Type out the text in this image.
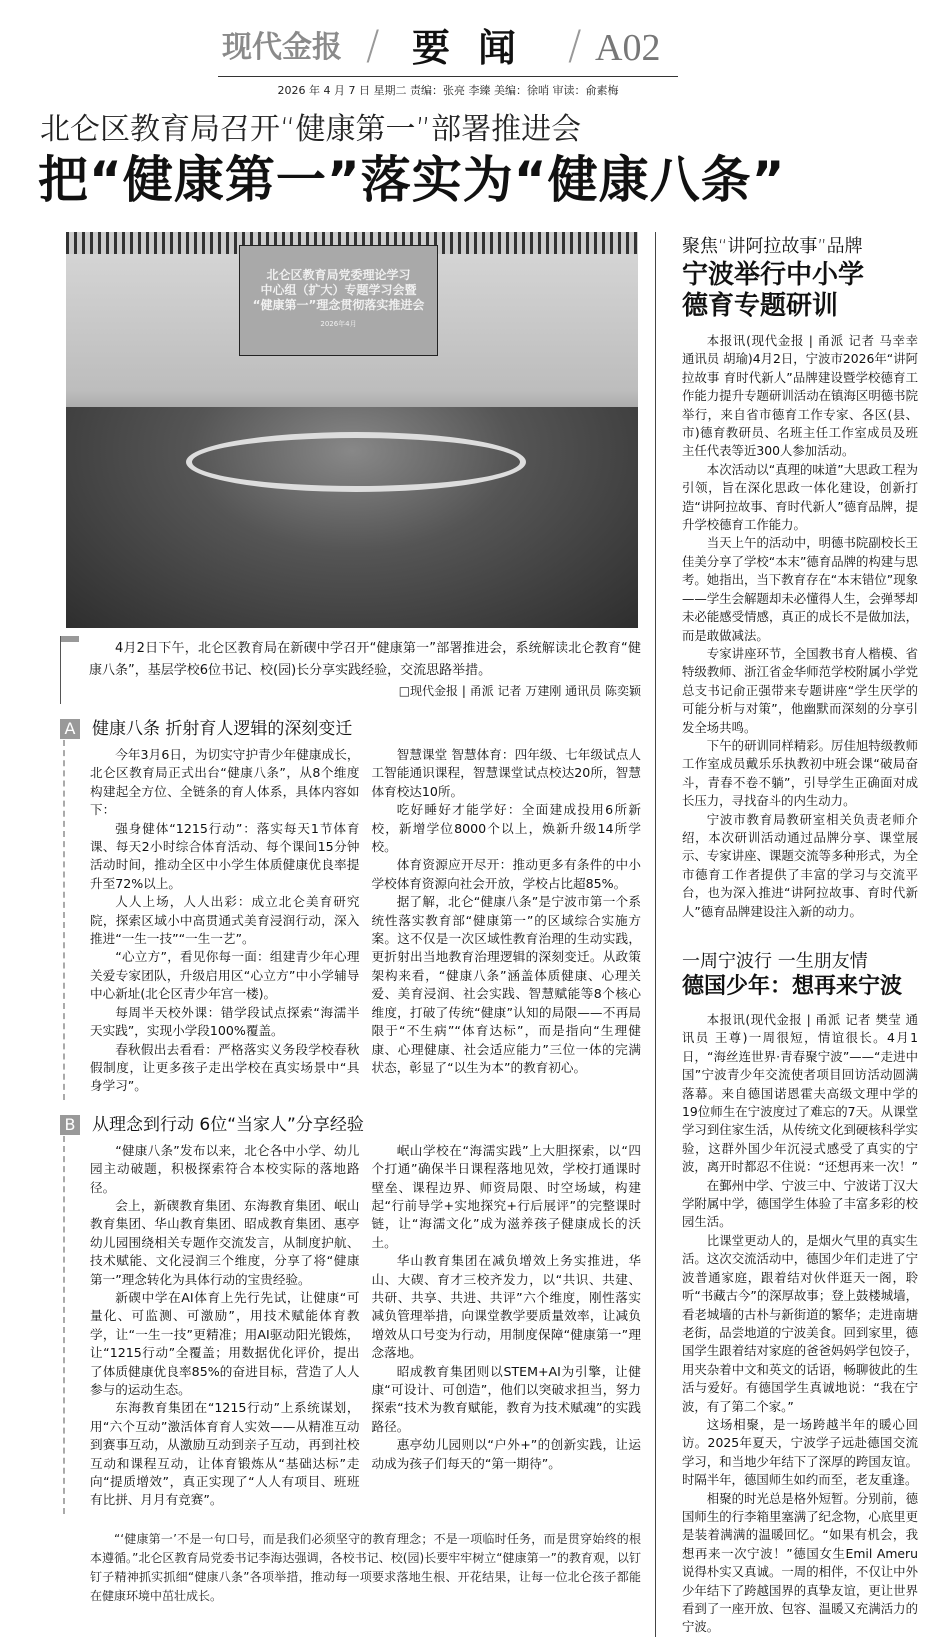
现代金报 / 要闻 / A02
2026 年 4 月 7 日 星期二 责编：张亮 李臻 美编：徐哨 审读：俞素梅
北仑区教育局召开“健康第一”部署推进会
把“健康第一”落实为“健康八条”
北仑区教育局党委理论学习
中心组（扩大）专题学习会暨
“健康第一”理念贯彻落实推进会
2026年4月
4月2日下午，北仑区教育局在新碶中学召开“健康第一”部署推进会，系统解读北仑教育“健康八条”，基层学校6位书记、校(园)长分享实践经验，交流思路举措。
□现代金报 | 甬派 记者 万建刚 通讯员 陈奕颖
A 健康八条 折射育人逻辑的深刻变迁

今年3月6日，为切实守护青少年健康成长，北仑区教育局正式出台“健康八条”，从8个维度构建起全方位、全链条的育人体系，具体内容如下：

强身健体“1215行动”：落实每天1节体育课、每天2小时综合体育活动、每个课间15分钟活动时间，推动全区中小学生体质健康优良率提升至72%以上。

人人上场，人人出彩：成立北仑美育研究院，探索区域小中高贯通式美育浸润行动，深入推进“一生一技”“一生一艺”。

“心立方”，看见你每一面：组建青少年心理关爱专家团队，升级启用区“心立方”中小学辅导中心新址(北仑区青少年宫一楼)。

每周半天校外课：错学段试点探索“海濡半天实践”，实现小学段100%覆盖。

春秋假出去看看：严格落实义务段学校春秋假制度，让更多孩子走出学校在真实场景中“具身学习”。

智慧课堂 智慧体育：四年级、七年级试点人工智能通识课程，智慧课堂试点校达20所，智慧体育校达10所。

吃好睡好才能学好：全面建成投用6所新校，新增学位8000个以上，焕新升级14所学校。

体育资源应开尽开：推动更多有条件的中小学校体育资源向社会开放，学校占比超85%。

据了解，北仑“健康八条”是宁波市第一个系统性落实教育部“健康第一”的区域综合实施方案。这不仅是一次区域性教育治理的生动实践，更折射出当地教育治理逻辑的深刻变迁。从政策架构来看，“健康八条”涵盖体质健康、心理关爱、美育浸润、社会实践、智慧赋能等8个核心维度，打破了传统“健康”认知的局限——不再局限于“不生病”“体育达标”，而是指向“生理健康、心理健康、社会适应能力”三位一体的完满状态，彰显了“以生为本”的教育初心。

B 从理念到行动 6位“当家人”分享经验

“健康八条”发布以来，北仑各中小学、幼儿园主动破题，积极探索符合本校实际的落地路径。

会上，新碶教育集团、东海教育集团、岷山教育集团、华山教育集团、昭成教育集团、惠亭幼儿园围绕相关专题作交流发言，从制度护航、技术赋能、文化浸润三个维度，分享了将“健康第一”理念转化为具体行动的宝贵经验。

新碶中学在AI体育上先行先试，让健康“可量化、可监测、可激励”，用技术赋能体育教学，让“一生一技”更精准；用AI驱动阳光锻炼，让“1215行动”全覆盖；用数据优化评价，提出了体质健康优良率85%的奋进目标，营造了人人参与的运动生态。

东海教育集团在“1215行动”上系统谋划，用“六个互动”激活体育育人实效——从精准互动到赛事互动，从激励互动到亲子互动，再到社校互动和课程互动，让体育锻炼从“基础达标”走向“提质增效”，真正实现了“人人有项目、班班有比拼、月月有竞赛”。

岷山学校在“海濡实践”上大胆探索，以“四个打通”确保半日课程落地见效，学校打通课时壁垒、课程边界、师资局限、时空场域，构建起“行前导学+实地探究+行后展评”的完整课时链，让“海濡文化”成为滋养孩子健康成长的沃土。

华山教育集团在减负增效上务实推进，华山、大碶、育才三校齐发力，以“共识、共建、共研、共享、共进、共评”六个维度，刚性落实减负管理举措，向课堂教学要质量效率，让减负增效从口号变为行动，用制度保障“健康第一”理念落地。

昭成教育集团则以STEM+AI为引擎，让健康“可设计、可创造”，他们以突破求担当，努力探索“技术为教育赋能，教育为技术赋魂”的实践路径。

惠亭幼儿园则以“户外+”的创新实践，让运动成为孩子们每天的“第一期待”。

“‘健康第一’不是一句口号，而是我们必须坚守的教育理念；不是一项临时任务，而是贯穿始终的根本遵循。”北仑区教育局党委书记李海达强调，各校书记、校(园)长要牢牢树立“健康第一”的教育观，以钉钉子精神抓实抓细“健康八条”各项举措，推动每一项要求落地生根、开花结果，让每一位北仑孩子都能在健康环境中茁壮成长。
聚焦“讲阿拉故事”品牌
宁波举行中小学
德育专题研训

本报讯(现代金报 | 甬派 记者 马幸幸 通讯员 胡瑜)4月2日，宁波市2026年“讲阿拉故事 育时代新人”品牌建设暨学校德育工作能力提升专题研训活动在镇海区明德书院举行，来自省市德育工作专家、各区(县、市)德育教研员、名班主任工作室成员及班主任代表等近300人参加活动。

本次活动以“真理的味道”大思政工程为引领，旨在深化思政一体化建设，创新打造“讲阿拉故事、育时代新人”德育品牌，提升学校德育工作能力。

当天上午的活动中，明德书院副校长王佳美分享了学校“本末”德育品牌的构建与思考。她指出，当下教育存在“本末错位”现象——学生会解题却未必懂得人生，会弹琴却未必能感受情感，真正的成长不是做加法，而是敢做减法。

专家讲座环节，全国教书育人楷模、省特级教师、浙江省金华师范学校附属小学党总支书记俞正强带来专题讲座“学生厌学的可能分析与对策”，他幽默而深刻的分享引发全场共鸣。

下午的研训同样精彩。厉佳旭特级教师工作室成员戴乐乐执教初中班会课“破局奋斗，青春不卷不躺”，引导学生正确面对成长压力，寻找奋斗的内生动力。

宁波市教育局教研室相关负责老师介绍，本次研训活动通过品牌分享、课堂展示、专家讲座、课题交流等多种形式，为全市德育工作者提供了丰富的学习与交流平台，也为深入推进“讲阿拉故事、育时代新人”德育品牌建设注入新的动力。

一周宁波行 一生朋友情
德国少年：想再来宁波

本报讯(现代金报 | 甬派 记者 樊莹 通讯员 王尊)一周很短，情谊很长。4月1日，“海丝连世界·青春聚宁波”——“走进中国”宁波青少年交流使者项目回访活动圆满落幕。来自德国诺恩霍夫高级文理中学的19位师生在宁波度过了难忘的7天。从课堂学习到住家生活，从传统文化到硬核科学实验，这群外国少年沉浸式感受了真实的宁波，离开时都忍不住说：“还想再来一次！”

在鄞州中学、宁波三中、宁波诺丁汉大学附属中学，德国学生体验了丰富多彩的校园生活。

比课堂更动人的，是烟火气里的真实生活。这次交流活动中，德国少年们走进了宁波普通家庭，跟着结对伙伴逛天一阁，聆听“书藏古今”的深厚故事；登上鼓楼城墙，看老城墙的古朴与新街道的繁华；走进南塘老街，品尝地道的宁波美食。回到家里，德国学生跟着结对家庭的爸爸妈妈学包饺子，用夹杂着中文和英文的话语，畅聊彼此的生活与爱好。有德国学生真诚地说：“我在宁波，有了第二个家。”

这场相聚，是一场跨越半年的暖心回访。2025年夏天，宁波学子远赴德国交流学习，和当地少年结下了深厚的跨国友谊。时隔半年，德国师生如约而至，老友重逢。

相聚的时光总是格外短暂。分别前，德国师生的行李箱里塞满了纪念物，心底里更是装着满满的温暖回忆。“如果有机会，我想再来一次宁波！”德国女生Emil Ameru说得朴实又真诚。一周的相伴，不仅让中外少年结下了跨越国界的真挚友谊，更让世界看到了一座开放、包容、温暖又充满活力的宁波。
